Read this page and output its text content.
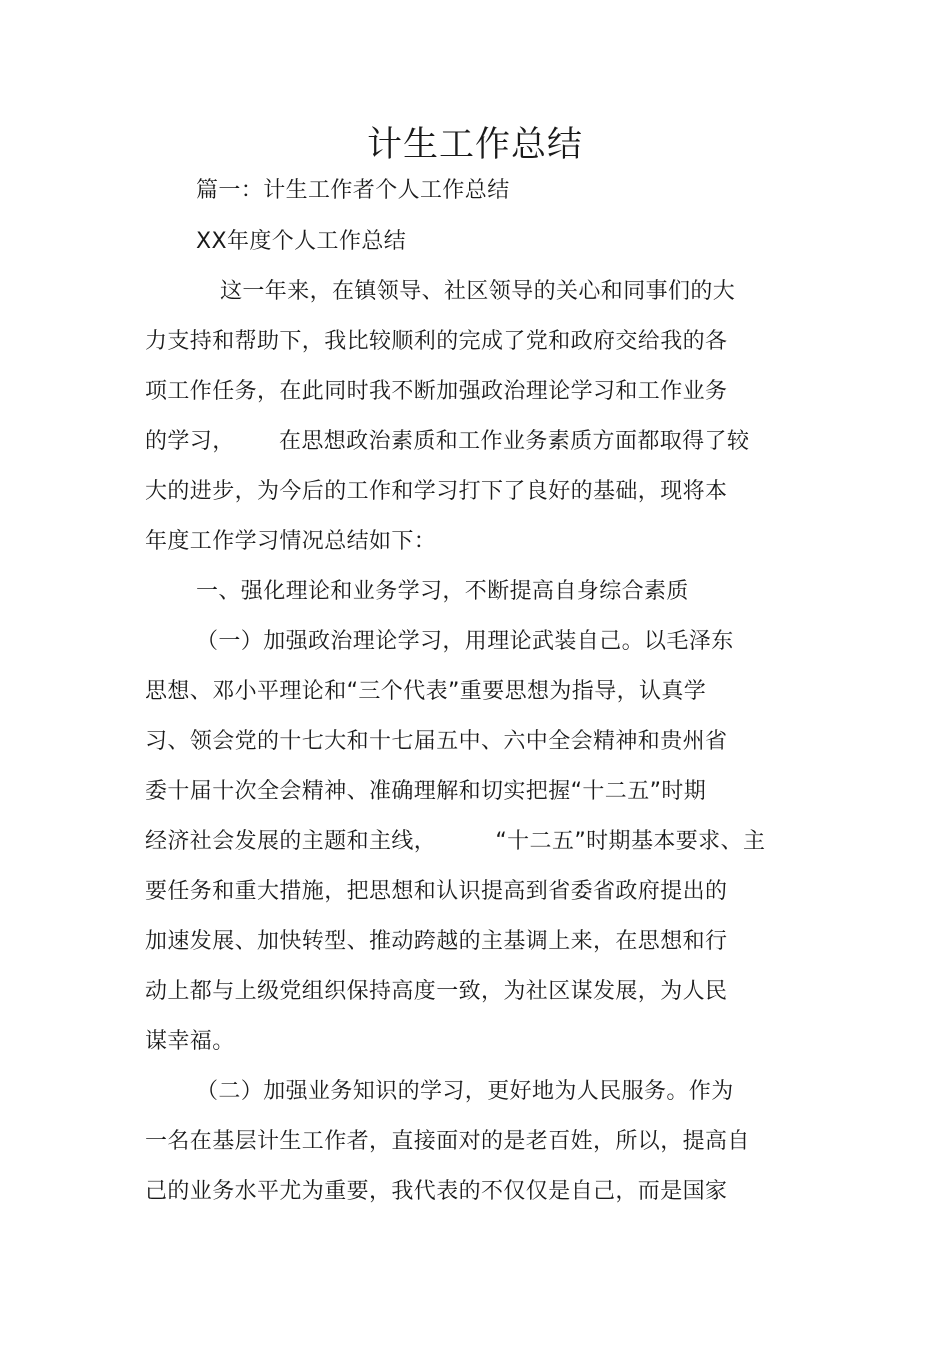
计生工作总结
篇一：计生工作者个人工作总结
XX年度个人工作总结
这一年来，在镇领导、社区领导的关心和同事们的大
力支持和帮助下，我比较顺利的完成了党和政府交给我的各
项工作任务，在此同时我不断加强政治理论学习和工作业务
的学习，      在思想政治素质和工作业务素质方面都取得了较
大的进步，为今后的工作和学习打下了良好的基础，现将本
年度工作学习情况总结如下：
一、强化理论和业务学习，不断提高自身综合素质
（一）加强政治理论学习，用理论武装自己。以毛泽东
思想、邓小平理论和“三个代表”重要思想为指导，认真学
习、领会党的十七大和十七届五中、六中全会精神和贵州省
委十届十次全会精神、准确理解和切实把握“十二五”时期
经济社会发展的主题和主线，        “十二五”时期基本要求、主
要任务和重大措施，把思想和认识提高到省委省政府提出的
加速发展、加快转型、推动跨越的主基调上来，在思想和行
动上都与上级党组织保持高度一致，为社区谋发展，为人民
谋幸福。
（二）加强业务知识的学习，更好地为人民服务。作为
一名在基层计生工作者，直接面对的是老百姓，所以，提高自
己的业务水平尤为重要，我代表的不仅仅是自己，而是国家
